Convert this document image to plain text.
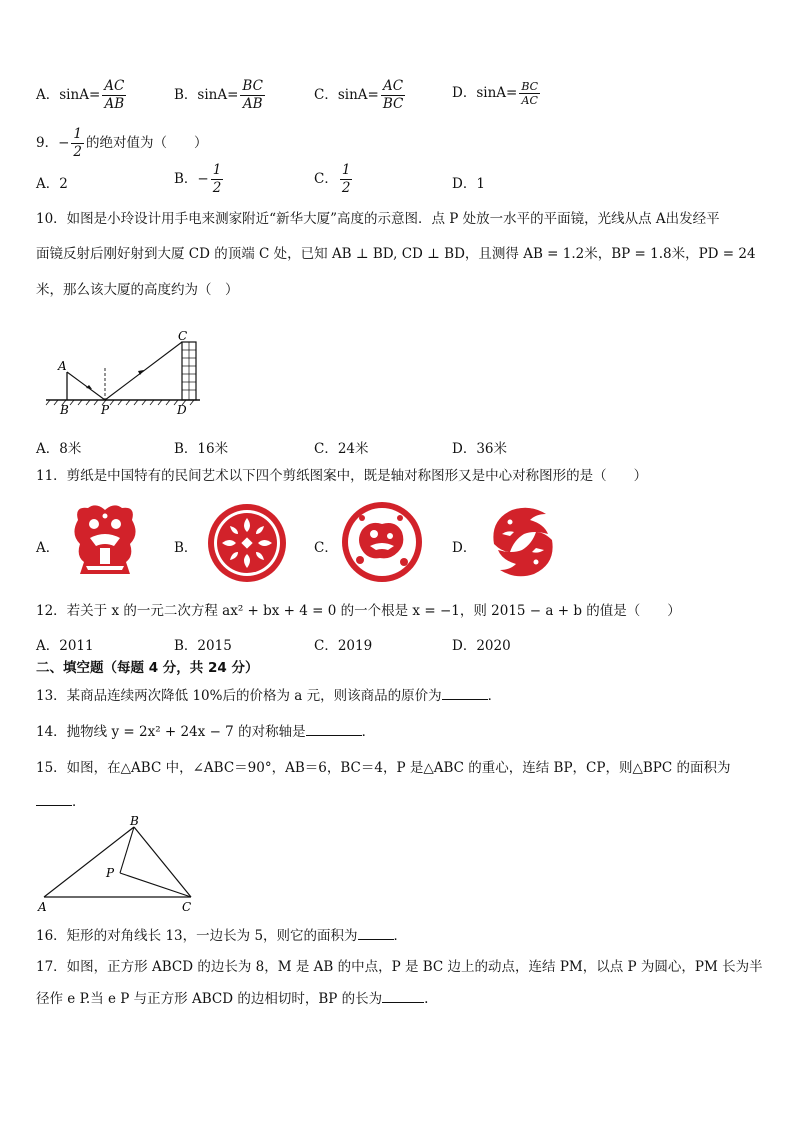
A．$\sin A= \frac{AC}{AB}$	B．$\sin A= \frac{BC}{AB}$	C．$\sin A= \frac{AC}{BC}$	D．$\sin A= \frac{BC}{AC}$
9．− $\frac{1}{2}$ 的绝对值为（　　）
A．2	B．− $\frac{1}{2}$	C． $\frac{1}{2}$	D．1
10．如图是小玲设计用手电来测家附近“新华大厦”高度的示意图．点 P 处放一水平的平面镜，光线从点 A出发经平
面镜反射后刚好射到大厦 CD 的顶端 C 处，已知 AB ⊥ BD, CD ⊥ BD，且测得 AB = 1.2米，BP = 1.8米，PD = 24
米，那么该大厦的高度约为（　）
A
B	P
C
D
A．8米	B．16米	C．24米	D．36米
11．剪纸是中国特有的民间艺术以下四个剪纸图案中，既是轴对称图形又是中心对称图形的是（　　）
A．	B．	C．	D．
12．若关于 x 的一元二次方程 ax² + bx + 4 = 0 的一个根是 x = −1，则 2015 − a + b 的值是（　　）
A．2011	B．2015	C．2019	D．2020
二、填空题（每题 4 分，共 24 分）
13．某商品连续两次降低 10%后的价格为 a 元，则该商品的原价为	．
14．抛物线 y = 2x² + 24x − 7 的对称轴是	．
15．如图，在△ABC 中，∠ABC＝90°，AB＝6，BC＝4，P 是△ABC 的重心，连结 BP，CP，则△BPC 的面积为
．
B
P
A	C
16．矩形的对角线长 13，一边长为 5，则它的面积为	．
17．如图，正方形 ABCD 的边长为 8，M 是 AB 的中点，P 是 BC 边上的动点，连结 PM，以点 P 为圆心，PM 长为半
径作 e P.当 e P 与正方形 ABCD 的边相切时，BP 的长为	.
